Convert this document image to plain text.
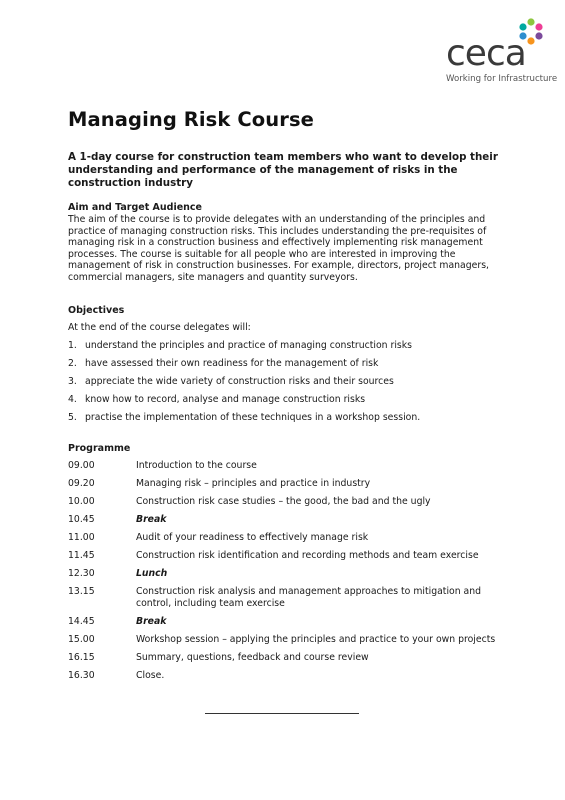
ceca
Working for Infrastructure
Managing Risk Course
A 1-day course for construction team members who want to develop their understanding and performance of the management of risks in the construction industry
Aim and Target Audience
The aim of the course is to provide delegates with an understanding of the principles and practice of managing construction risks. This includes understanding the pre-requisites of managing risk in a construction business and effectively implementing risk management processes. The course is suitable for all people who are interested in improving the management of risk in construction businesses. For example, directors, project managers, commercial managers, site managers and quantity surveyors.
Objectives
At the end of the course delegates will:
1. understand the principles and practice of managing construction risks
2. have assessed their own readiness for the management of risk
3. appreciate the wide variety of construction risks and their sources
4. know how to record, analyse and manage construction risks
5. practise the implementation of these techniques in a workshop session.
Programme
09.00	Introduction to the course
09.20	Managing risk – principles and practice in industry
10.00	Construction risk case studies – the good, the bad and the ugly
10.45	Break
11.00	Audit of your readiness to effectively manage risk
11.45	Construction risk identification and recording methods and team exercise
12.30	Lunch
13.15	Construction risk analysis and management approaches to mitigation and control, including team exercise
14.45	Break
15.00	Workshop session – applying the principles and practice to your own projects
16.15	Summary, questions, feedback and course review
16.30	Close.
